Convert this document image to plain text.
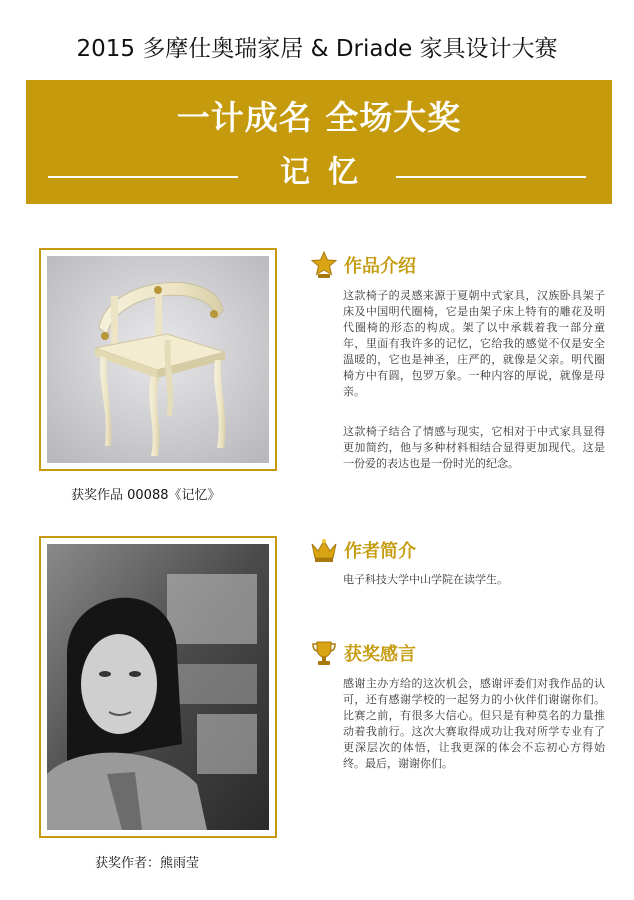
2015 多摩仕奥瑞家居 & Driade 家具设计大赛
一计成名 全场大奖
记忆
获奖作品 00088《记忆》
获奖作者：熊雨莹
作品介绍

这款椅子的灵感来源于夏朝中式家具，汉族卧具架子床及中国明代圈椅，它是由架子床上特有的雕花及明代圈椅的形态的构成。架了以中承载着我一部分童年，里面有我许多的记忆，它给我的感觉不仅是安全温暖的，它也是神圣，庄严的，就像是父亲。明代圈椅方中有圆，包罗万象。一种内容的厚说，就像是母亲。

这款椅子结合了情感与现实，它相对于中式家具显得更加简约，他与多种材料相结合显得更加现代。这是一份爱的表达也是一份时光的纪念。

作者简介

电子科技大学中山学院在读学生。

获奖感言

感谢主办方给的这次机会，感谢评委们对我作品的认可，还有感谢学校的一起努力的小伙伴们谢谢你们。比赛之前，有很多大信心。但只是有种莫名的力量推动着我前行。这次大赛取得成功让我对所学专业有了更深层次的体悟，让我更深的体会不忘初心方得始终。最后，谢谢你们。
